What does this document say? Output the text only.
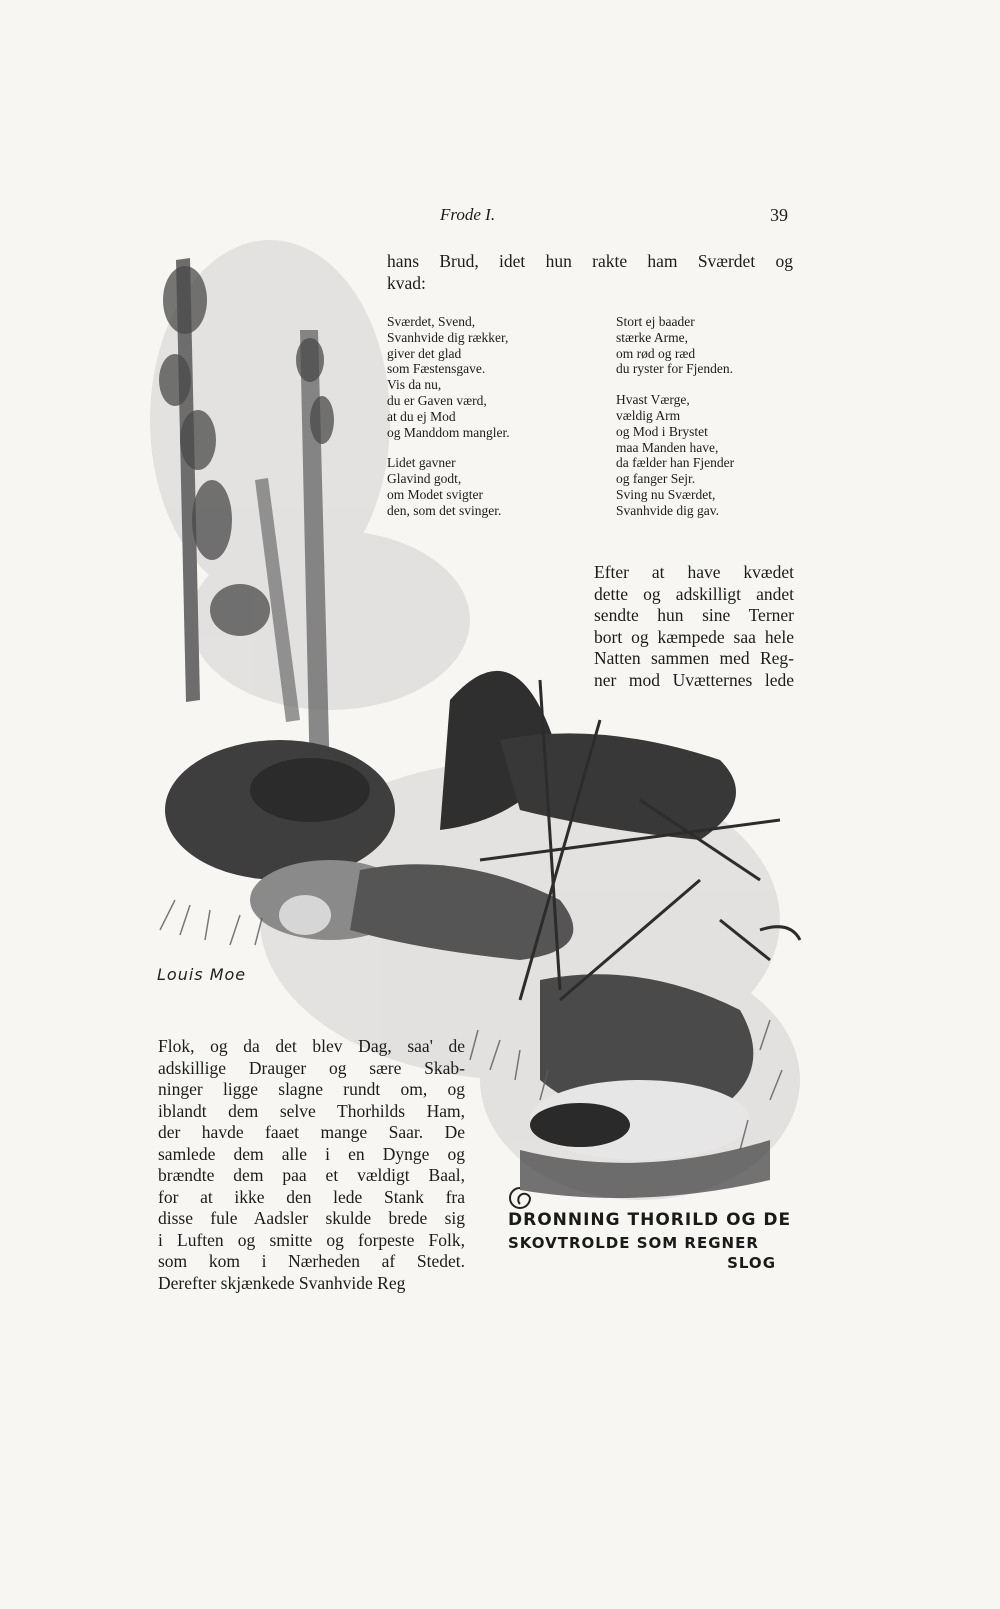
Frode I.	39
hans Brud, idet hun rakte ham Sværdet og
kvad:
Sværdet, Svend,
Svanhvide dig rækker,
giver det glad
som Fæstensgave.
Vis da nu,
du er Gaven værd,
at du ej Mod
og Manddom mangler.
Lidet gavner
Glavind godt,
om Modet svigter
den, som det svinger.
Stort ej baader
stærke Arme,
om rød og ræd
du ryster for Fjenden.
Hvast Værge,
vældig Arm
og Mod i Brystet
maa Manden have,
da fælder han Fjender
og fanger Sejr.
Sving nu Sværdet,
Svanhvide dig gav.
Efter at have kvædet
dette og adskilligt andet
sendte hun sine Terner
bort og kæmpede saa hele
Natten sammen med Reg-
ner mod Uvætternes lede
Louis Moe
Flok, og da det blev Dag, saa' de
adskillige Drauger og sære Skab-
ninger ligge slagne rundt om, og
iblandt dem selve Thorhilds Ham,
der havde faaet mange Saar. De
samlede dem alle i en Dynge og
brændte dem paa et vældigt Baal,
for at ikke den lede Stank fra
disse fule Aadsler skulde brede sig
i Luften og smitte og forpeste Folk,
som kom i Nærheden af Stedet.
Derefter skjænkede Svanhvide Reg
DRONNING THORILD OG DE
SKOVTROLDE SOM REGNER
SLOG
